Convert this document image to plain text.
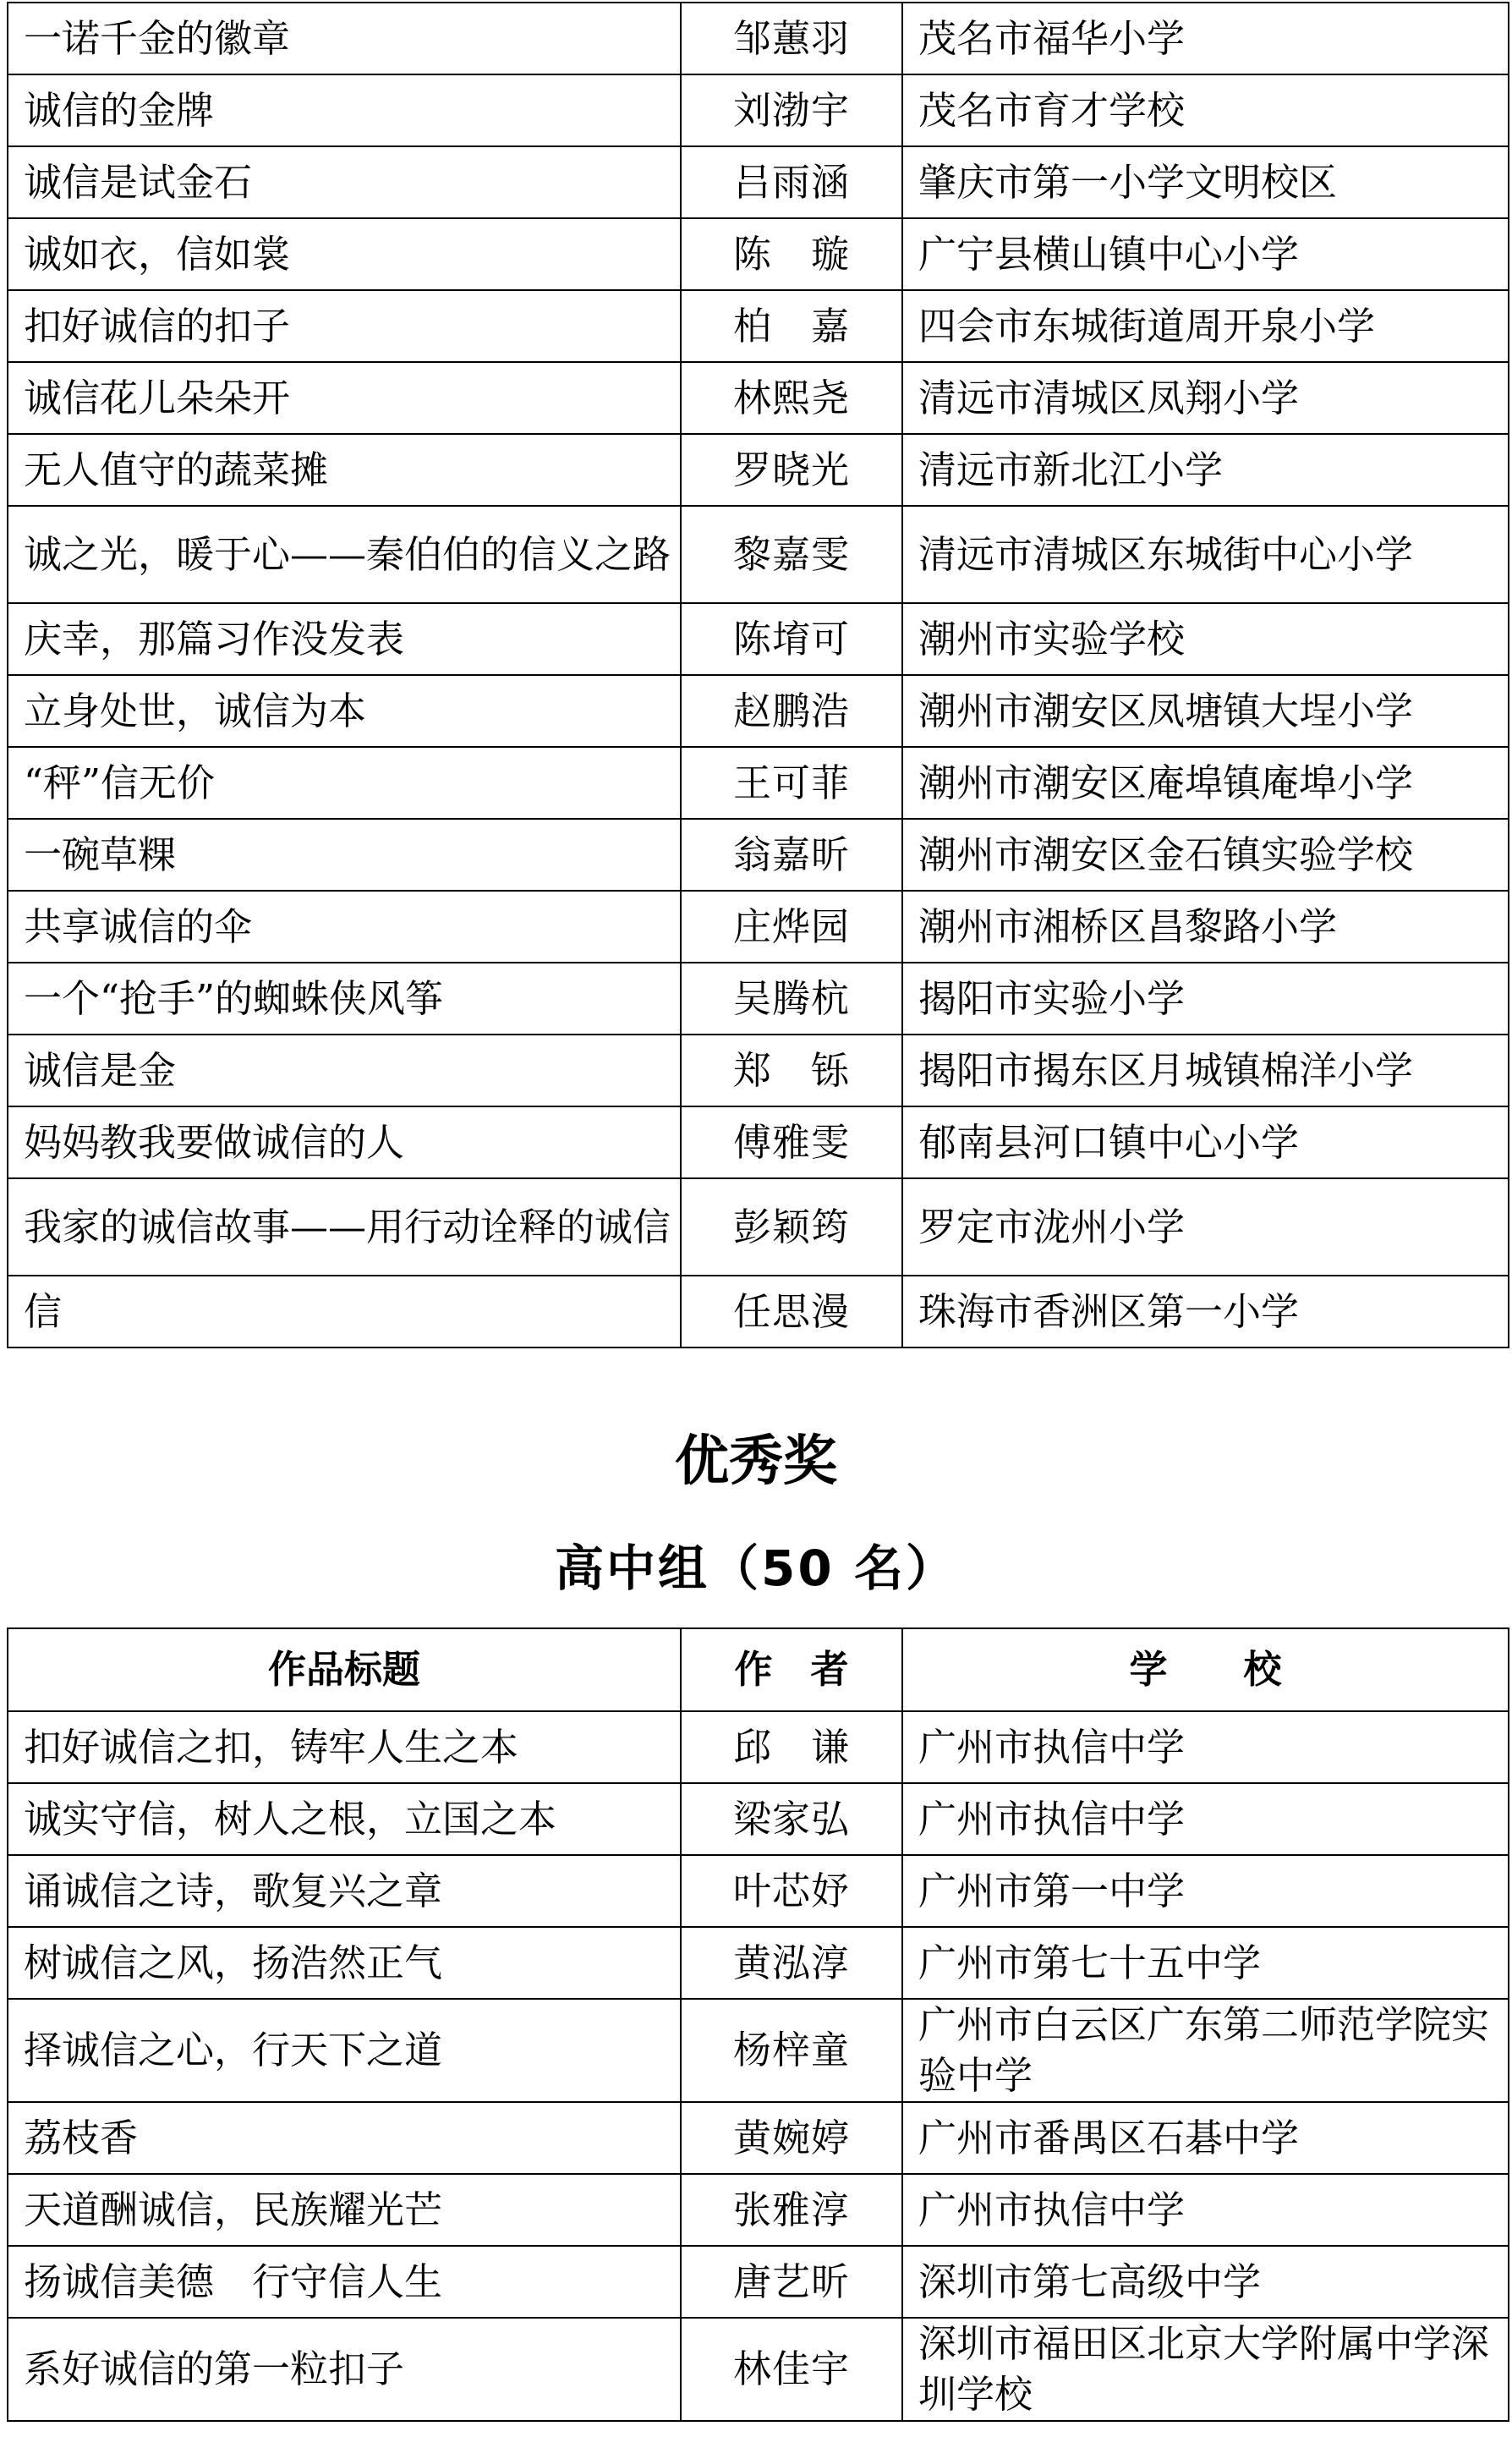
一诺千金的徽章	邹蕙羽	茂名市福华小学
诚信的金牌	刘渤宇	茂名市育才学校
诚信是试金石	吕雨涵	肇庆市第一小学文明校区
诚如衣，信如裳	陈　璇	广宁县横山镇中心小学
扣好诚信的扣子	柏　嘉	四会市东城街道周开泉小学
诚信花儿朵朵开	林熙尧	清远市清城区凤翔小学
无人值守的蔬菜摊	罗晓光	清远市新北江小学
诚之光，暖于心——秦伯伯的信义之路	黎嘉雯	清远市清城区东城街中心小学
庆幸，那篇习作没发表	陈堉可	潮州市实验学校
立身处世，诚信为本	赵鹏浩	潮州市潮安区凤塘镇大埕小学
“秤”信无价	王可菲	潮州市潮安区庵埠镇庵埠小学
一碗草粿	翁嘉昕	潮州市潮安区金石镇实验学校
共享诚信的伞	庄烨园	潮州市湘桥区昌黎路小学
一个“抢手”的蜘蛛侠风筝	吴腾杭	揭阳市实验小学
诚信是金	郑　铄	揭阳市揭东区月城镇棉洋小学
妈妈教我要做诚信的人	傅雅雯	郁南县河口镇中心小学
我家的诚信故事——用行动诠释的诚信	彭颖筠	罗定市泷州小学
信	任思漫	珠海市香洲区第一小学
优秀奖
高中组（50 名）
作品标题	作　者	学　　校
扣好诚信之扣，铸牢人生之本	邱　谦	广州市执信中学
诚实守信，树人之根，立国之本	梁家弘	广州市执信中学
诵诚信之诗，歌复兴之章	叶芯妤	广州市第一中学
树诚信之风，扬浩然正气	黄泓淳	广州市第七十五中学
择诚信之心，行天下之道	杨梓童	广州市白云区广东第二师范学院实验中学
荔枝香	黄婉婷	广州市番禺区石碁中学
天道酬诚信，民族耀光芒	张雅淳	广州市执信中学
扬诚信美德　行守信人生	唐艺昕	深圳市第七高级中学
系好诚信的第一粒扣子	林佳宇	深圳市福田区北京大学附属中学深圳学校
